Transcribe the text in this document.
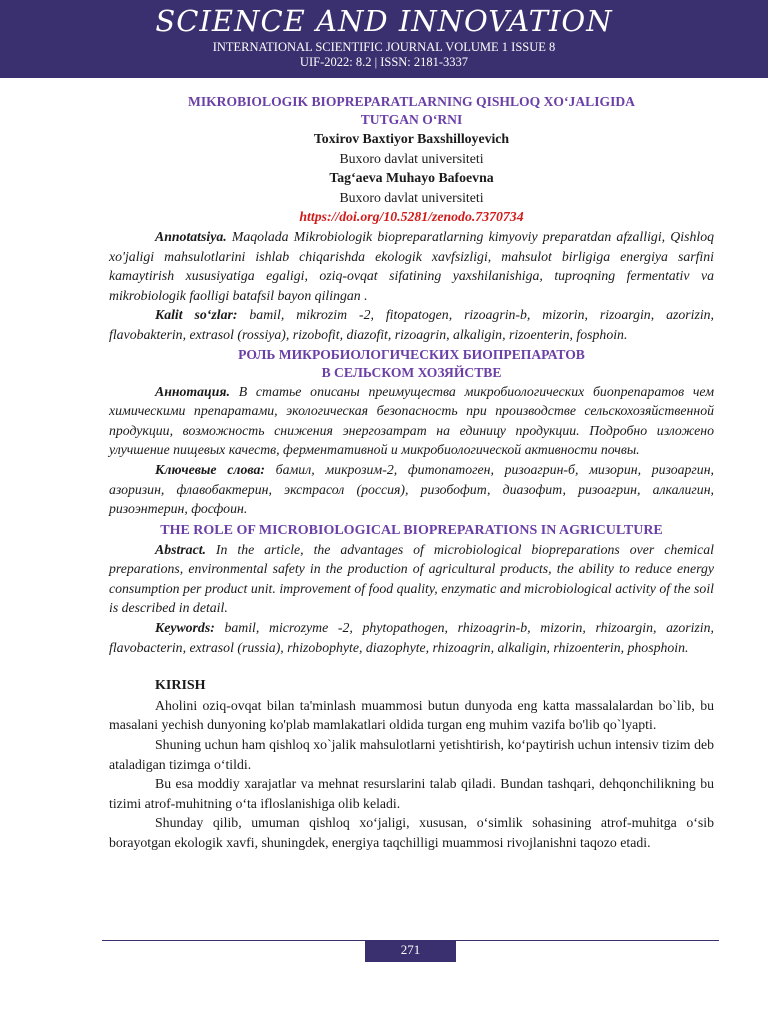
SCIENCE AND INNOVATION
INTERNATIONAL SCIENTIFIC JOURNAL VOLUME 1 ISSUE 8
UIF-2022: 8.2 | ISSN: 2181-3337
MIKROBIOLOGIK BIOPREPARATLARNING QISHLOQ XO‘JALIGIDA
TUTGAN O‘RNI
Toxirov Baxtiyor Baxshilloyevich
Buxoro davlat universiteti
Tag‘aeva Muhayo Bafoevna
Buxoro davlat universiteti
https://doi.org/10.5281/zenodo.7370734

Annotatsiya. Maqolada Mikrobiologik biopreparatlarning kimyoviy preparatdan afzalligi, Qishloq xo'jaligi mahsulotlarini ishlab chiqarishda ekologik xavfsizligi, mahsulot birligiga energiya sarfini kamaytirish xususiyatiga egaligi, oziq-ovqat sifatining yaxshilanishiga, tuproqning fermentativ va mikrobiologik faolligi batafsil bayon qilingan .

Kalit so‘zlar: bamil, mikrozim -2, fitopatogen, rizoagrin-b, mizorin, rizoargin, azorizin, flavobakterin, extrasol (rossiya), rizobofit, diazofit, rizoagrin, alkaligin, rizoenterin, fosphoin.

РОЛЬ МИКРОБИОЛОГИЧЕСКИХ БИОПРЕПАРАТОВ
В СЕЛЬСКОМ ХОЗЯЙСТВЕ

Аннотация. В статье описаны преимущества микробиологических биопрепаратов чем химическими препаратами, экологическая безопасность при производстве сельскохозяйственной продукции, возможность снижения энергозатрат на единицу продукции. Подробно изложено улучшение пищевых качеств, ферментативной и микробиологической активности почвы.

Ключевые слова: бамил, микрозим-2, фитопатоген, ризоагрин-б, мизорин, ризоаргин, азоризин, флавобактерин, экстрасол (россия), ризобофит, диазофит, ризоагрин, алкалигин, ризоэнтерин, фосфоин.

THE ROLE OF MICROBIOLOGICAL BIOPREPARATIONS IN AGRICULTURE

Abstract. In the article, the advantages of microbiological biopreparations over chemical preparations, environmental safety in the production of agricultural products, the ability to reduce energy consumption per product unit. improvement of food quality, enzymatic and microbiological activity of the soil is described in detail.

Keywords: bamil, microzyme -2, phytopathogen, rhizoagrin-b, mizorin, rhizoargin, azorizin, flavobacterin, extrasol (russia), rhizobophyte, diazophyte, rhizoagrin, alkaligin, rhizoenterin, phosphoin.

KIRISH

Aholini oziq-ovqat bilan ta'minlash muammosi butun dunyoda eng katta massalalardan bo`lib, bu masalani yechish dunyoning ko'plab mamlakatlari oldida turgan eng muhim vazifa bo'lib qo`lyapti.

Shuning uchun ham qishloq xo`jalik mahsulotlarni yetishtirish, ko‘paytirish uchun intensiv tizim deb ataladigan tizimga o‘tildi.

Bu esa moddiy xarajatlar va mehnat resurslarini talab qiladi. Bundan tashqari, dehqonchilikning bu tizimi atrof-muhitning o‘ta ifloslanishiga olib keladi.

Shunday qilib, umuman qishloq xo‘jaligi, xususan, o‘simlik sohasining atrof-muhitga o‘sib borayotgan ekologik xavfi, shuningdek, energiya taqchilligi muammosi rivojlanishni taqozo etadi.

271
